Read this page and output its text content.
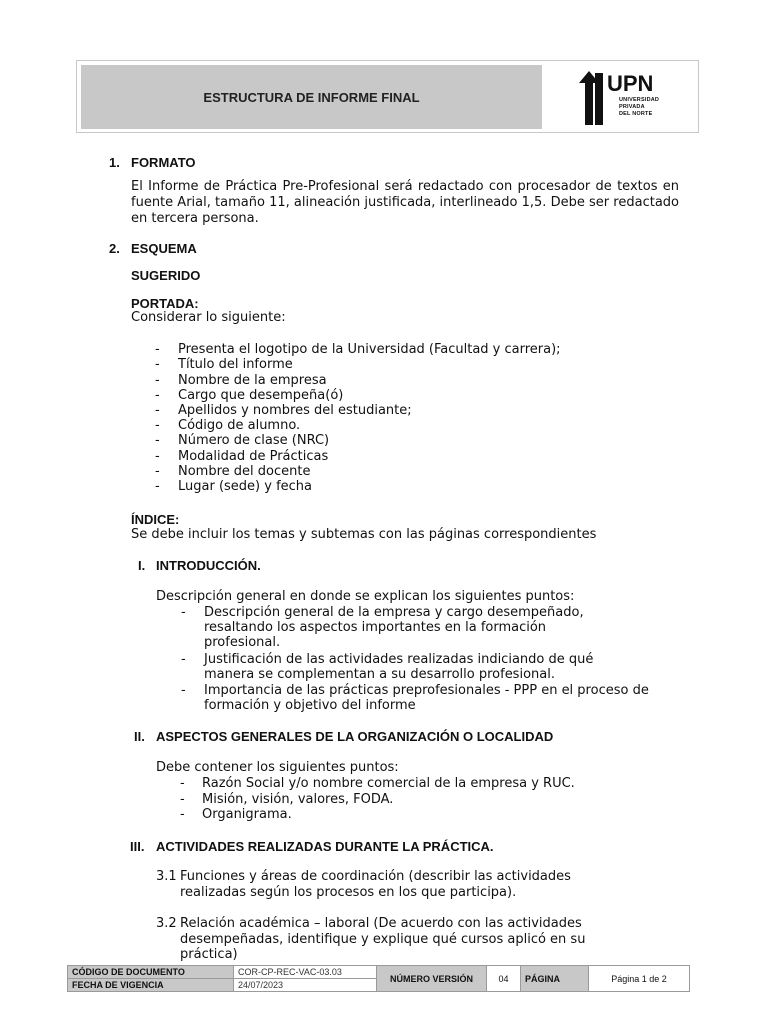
ESTRUCTURA DE INFORME FINAL
UPN
UNIVERSIDAD
PRIVADA
DEL NORTE
1. FORMATO
El Informe de Práctica Pre-Profesional será redactado con procesador de textos en fuente Arial, tamaño 11, alineación justificada, interlineado 1,5. Debe ser redactado en tercera persona.
2. ESQUEMA
SUGERIDO
PORTADA:
Considerar lo siguiente:
- Presenta el logotipo de la Universidad (Facultad y carrera);
- Título del informe
- Nombre de la empresa
- Cargo que desempeña(ó)
- Apellidos y nombres del estudiante;
- Código de alumno.
- Número de clase (NRC)
- Modalidad de Prácticas
- Nombre del docente
- Lugar (sede) y fecha
ÍNDICE:
Se debe incluir los temas y subtemas con las páginas correspondientes
I. INTRODUCCIÓN.
Descripción general en donde se explican los siguientes puntos:
- Descripción general de la empresa y cargo desempeñado,
resaltando los aspectos importantes en la formación
profesional.
- Justificación de las actividades realizadas indiciando de qué
manera se complementan a su desarrollo profesional.
- Importancia de las prácticas preprofesionales - PPP en el proceso de
formación y objetivo del informe
II. ASPECTOS GENERALES DE LA ORGANIZACIÓN O LOCALIDAD
Debe contener los siguientes puntos:
- Razón Social y/o nombre comercial de la empresa y RUC.
- Misión, visión, valores, FODA.
- Organigrama.
III. ACTIVIDADES REALIZADAS DURANTE LA PRÁCTICA.
3.1 Funciones y áreas de coordinación (describir las actividades
realizadas según los procesos en los que participa).
3.2 Relación académica – laboral (De acuerdo con las actividades
desempeñadas, identifique y explique qué cursos aplicó en su
práctica)
CÓDIGO DE DOCUMENTO	COR-CP-REC-VAC-03.03	NÚMERO VERSIÓN	04	PÁGINA	Página 1 de 2
FECHA DE VIGENCIA	24/07/2023				
